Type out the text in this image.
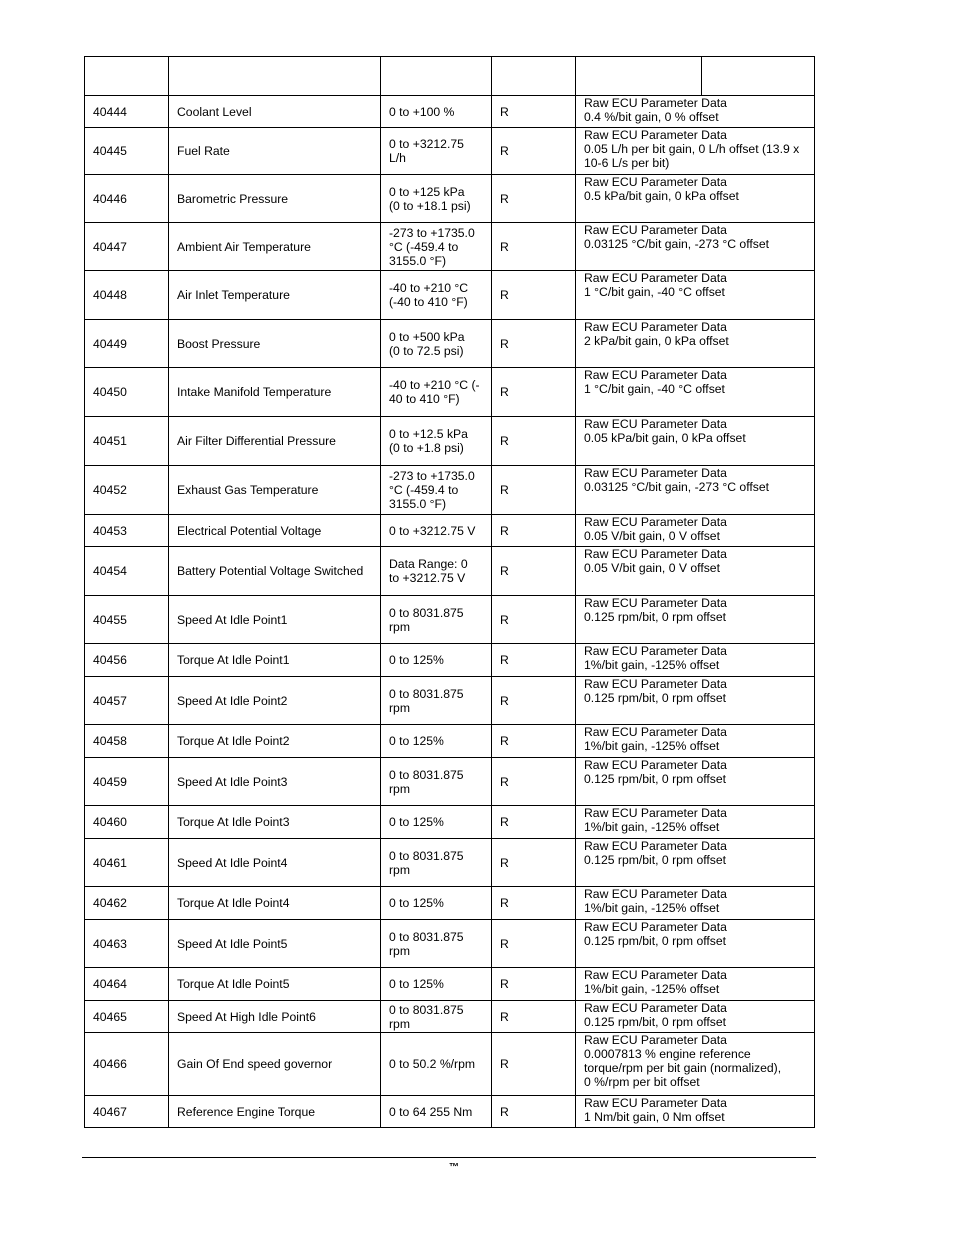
40444	Coolant Level	0 to +100 %	R	Raw ECU Parameter Data
0.4 %/bit gain, 0 % offset	
40445	Fuel Rate	0 to +3212.75
L/h	R	Raw ECU Parameter Data
0.05 L/h per bit gain, 0 L/h offset (13.9 x
10-6 L/s per bit)	
40446	Barometric Pressure	0 to +125 kPa
(0 to +18.1 psi)	R	Raw ECU Parameter Data
0.5 kPa/bit gain, 0 kPa offset	
40447	Ambient Air Temperature	-273 to +1735.0
°C (-459.4 to
3155.0 °F)	R	Raw ECU Parameter Data
0.03125 °C/bit gain, -273 °C offset	
40448	Air Inlet Temperature	-40 to +210 °C
(-40 to 410 °F)	R	Raw ECU Parameter Data
1 °C/bit gain, -40 °C offset	
40449	Boost Pressure	0 to +500 kPa
(0 to 72.5 psi)	R	Raw ECU Parameter Data
2 kPa/bit gain, 0 kPa offset	
40450	Intake Manifold Temperature	-40 to +210 °C (-
40 to 410 °F)	R	Raw ECU Parameter Data
1 °C/bit gain, -40 °C offset	
40451	Air Filter Differential Pressure	0 to +12.5 kPa
(0 to +1.8 psi)	R	Raw ECU Parameter Data
0.05 kPa/bit gain, 0 kPa offset	
40452	Exhaust Gas Temperature	-273 to +1735.0
°C (-459.4 to
3155.0 °F)	R	Raw ECU Parameter Data
0.03125 °C/bit gain, -273 °C offset	
40453	Electrical Potential Voltage	0 to +3212.75 V	R	Raw ECU Parameter Data
0.05 V/bit gain, 0 V offset	
40454	Battery Potential Voltage Switched	Data Range: 0
to +3212.75 V	R	Raw ECU Parameter Data
0.05 V/bit gain, 0 V offset	
40455	Speed At Idle Point1	0 to 8031.875
rpm	R	Raw ECU Parameter Data
0.125 rpm/bit, 0 rpm offset	
40456	Torque At Idle Point1	0 to 125%	R	Raw ECU Parameter Data
1%/bit gain, -125% offset	
40457	Speed At Idle Point2	0 to 8031.875
rpm	R	Raw ECU Parameter Data
0.125 rpm/bit, 0 rpm offset	
40458	Torque At Idle Point2	0 to 125%	R	Raw ECU Parameter Data
1%/bit gain, -125% offset	
40459	Speed At Idle Point3	0 to 8031.875
rpm	R	Raw ECU Parameter Data
0.125 rpm/bit, 0 rpm offset	
40460	Torque At Idle Point3	0 to 125%	R	Raw ECU Parameter Data
1%/bit gain, -125% offset	
40461	Speed At Idle Point4	0 to 8031.875
rpm	R	Raw ECU Parameter Data
0.125 rpm/bit, 0 rpm offset	
40462	Torque At Idle Point4	0 to 125%	R	Raw ECU Parameter Data
1%/bit gain, -125% offset	
40463	Speed At Idle Point5	0 to 8031.875
rpm	R	Raw ECU Parameter Data
0.125 rpm/bit, 0 rpm offset	
40464	Torque At Idle Point5	0 to 125%	R	Raw ECU Parameter Data
1%/bit gain, -125% offset	
40465	Speed At High Idle Point6	0 to 8031.875
rpm	R	Raw ECU Parameter Data
0.125 rpm/bit, 0 rpm offset	
40466	Gain Of End speed governor	0 to 50.2 %/rpm	R	Raw ECU Parameter Data
0.0007813 % engine reference
torque/rpm per bit gain (normalized),
0 %/rpm per bit offset	
40467	Reference Engine Torque	0 to 64 255 Nm	R	Raw ECU Parameter Data
1 Nm/bit gain, 0 Nm offset	
™
